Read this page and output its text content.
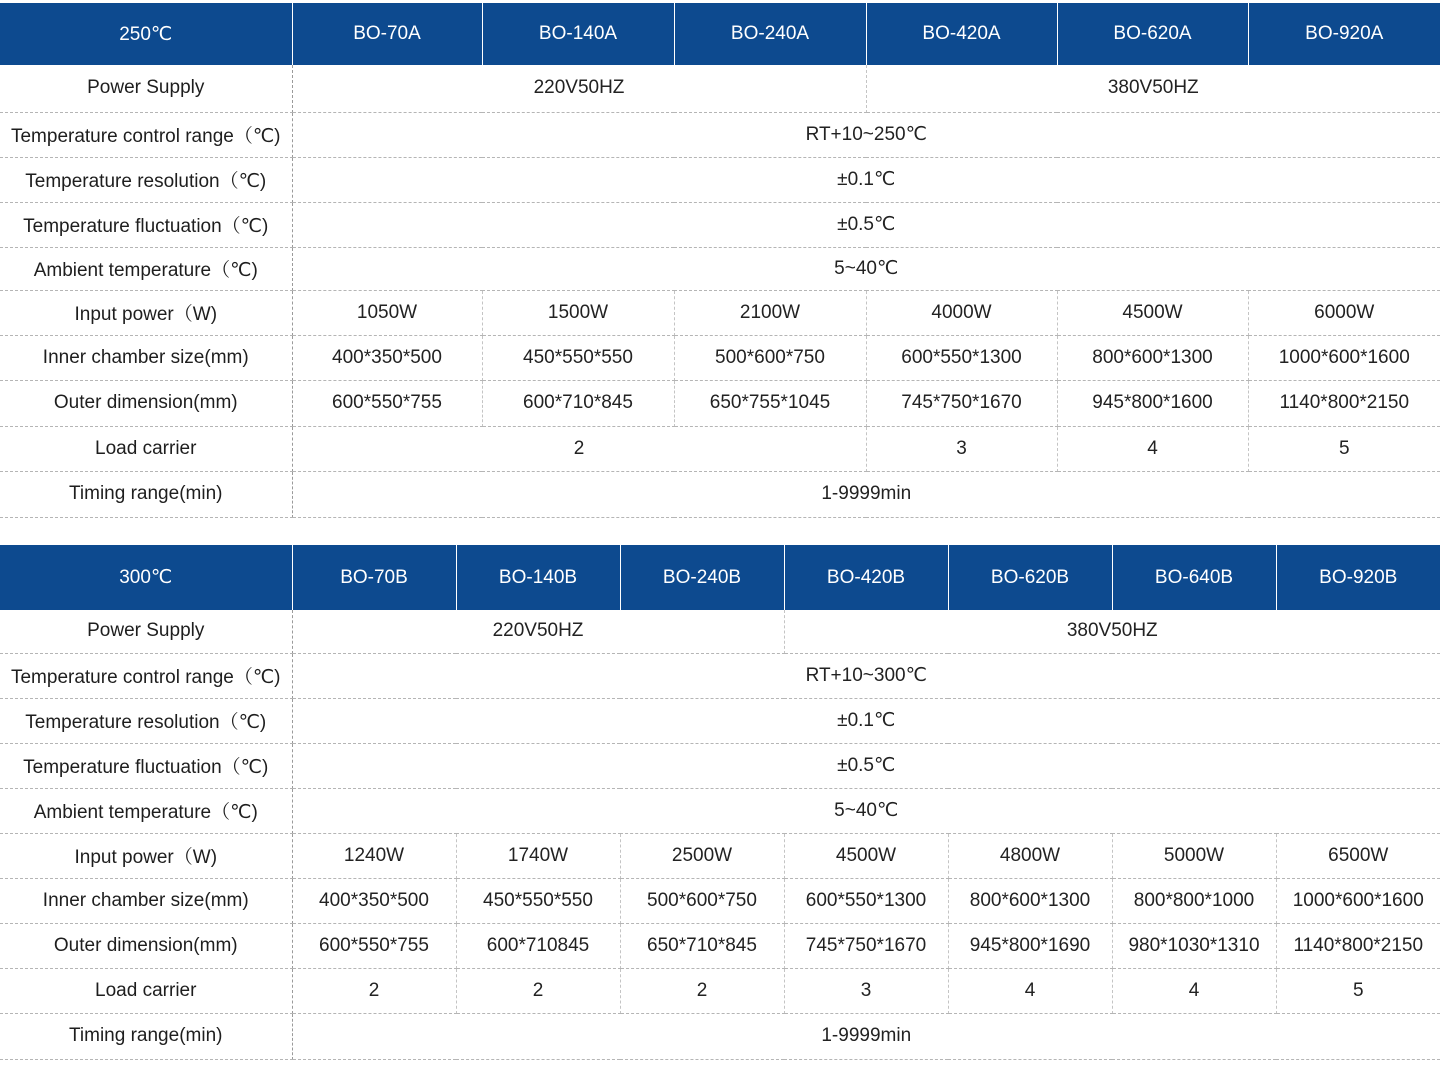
250℃	BO-70A	BO-140A	BO-240A	BO-420A	BO-620A	BO-920A
Power Supply	220V50HZ			380V50HZ		
Temperature control range（℃)	RT+10~250℃					
Temperature resolution（℃)	±0.1℃					
Temperature fluctuation（℃)	±0.5℃					
Ambient temperature（℃)	5~40℃					
Input power（W)	1050W	1500W	2100W	4000W	4500W	6000W
Inner chamber size(mm)	400*350*500	450*550*550	500*600*750	600*550*1300	800*600*1300	1000*600*1600
Outer dimension(mm)	600*550*755	600*710*845	650*755*1045	745*750*1670	945*800*1600	1140*800*2150
Load carrier	2			3	4	5
Timing range(min)	1-9999min					
300℃	BO-70B	BO-140B	BO-240B	BO-420B	BO-620B	BO-640B	BO-920B
Power Supply	220V50HZ			380V50HZ			
Temperature control range（℃)	RT+10~300℃						
Temperature resolution（℃)	±0.1℃						
Temperature fluctuation（℃)	±0.5℃						
Ambient temperature（℃)	5~40℃						
Input power（W)	1240W	1740W	2500W	4500W	4800W	5000W	6500W
Inner chamber size(mm)	400*350*500	450*550*550	500*600*750	600*550*1300	800*600*1300	800*800*1000	1000*600*1600
Outer dimension(mm)	600*550*755	600*710845	650*710*845	745*750*1670	945*800*1690	980*1030*1310	1140*800*2150
Load carrier	2	2	2	3	4	4	5
Timing range(min)	1-9999min						
